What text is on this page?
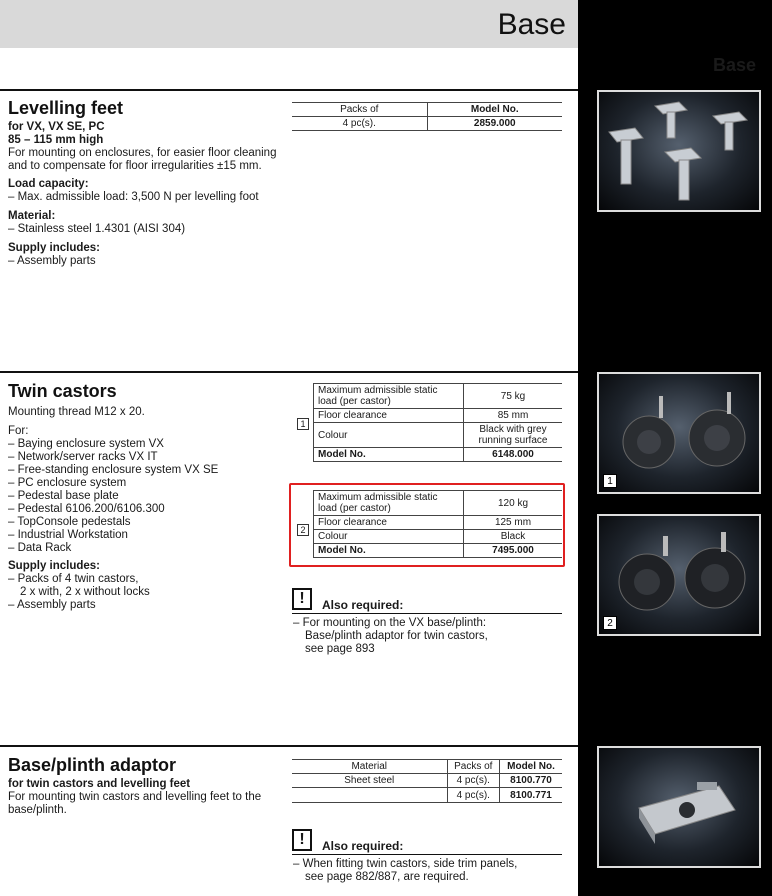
Base
Base
Levelling feet
for VX, VX SE, PC
85 – 115 mm high
For mounting on enclosures, for easier floor cleaning
and to compensate for floor irregularities ±15 mm.
Load capacity:
– Max. admissible load: 3,500 N per levelling foot
Material:
– Stainless steel 1.4301 (AISI 304)
Supply includes:
– Assembly parts
Packs of	Model No.
4 pc(s).	2859.000
Twin castors
Mounting thread M12 x 20.
For:
– Baying enclosure system VX
– Network/server racks VX IT
– Free-standing enclosure system VX SE
– PC enclosure system
– Pedestal base plate
– Pedestal 6106.200/6106.300
– TopConsole pedestals
– Industrial Workstation
– Data Rack
Supply includes:
– Packs of 4 twin castors,
2 x with, 2 x without locks
– Assembly parts
1
Maximum admissible static
load (per castor)	75 kg
Floor clearance	85 mm
Colour	Black with grey
running surface
Model No.	6148.000
2
Maximum admissible static
load (per castor)	120 kg
Floor clearance	125 mm
Colour	Black
Model No.	7495.000
!	Also required:
– For mounting on the VX base/plinth:
Base/plinth adaptor for twin castors,
see page 893
1
2
Base/plinth adaptor
for twin castors and levelling feet
For mounting twin castors and levelling feet to the
base/plinth.
Material	Packs of	Model No.
Sheet steel	4 pc(s).	8100.770
	4 pc(s).	8100.771
!	Also required:
– When fitting twin castors, side trim panels,
see page 882/887, are required.
